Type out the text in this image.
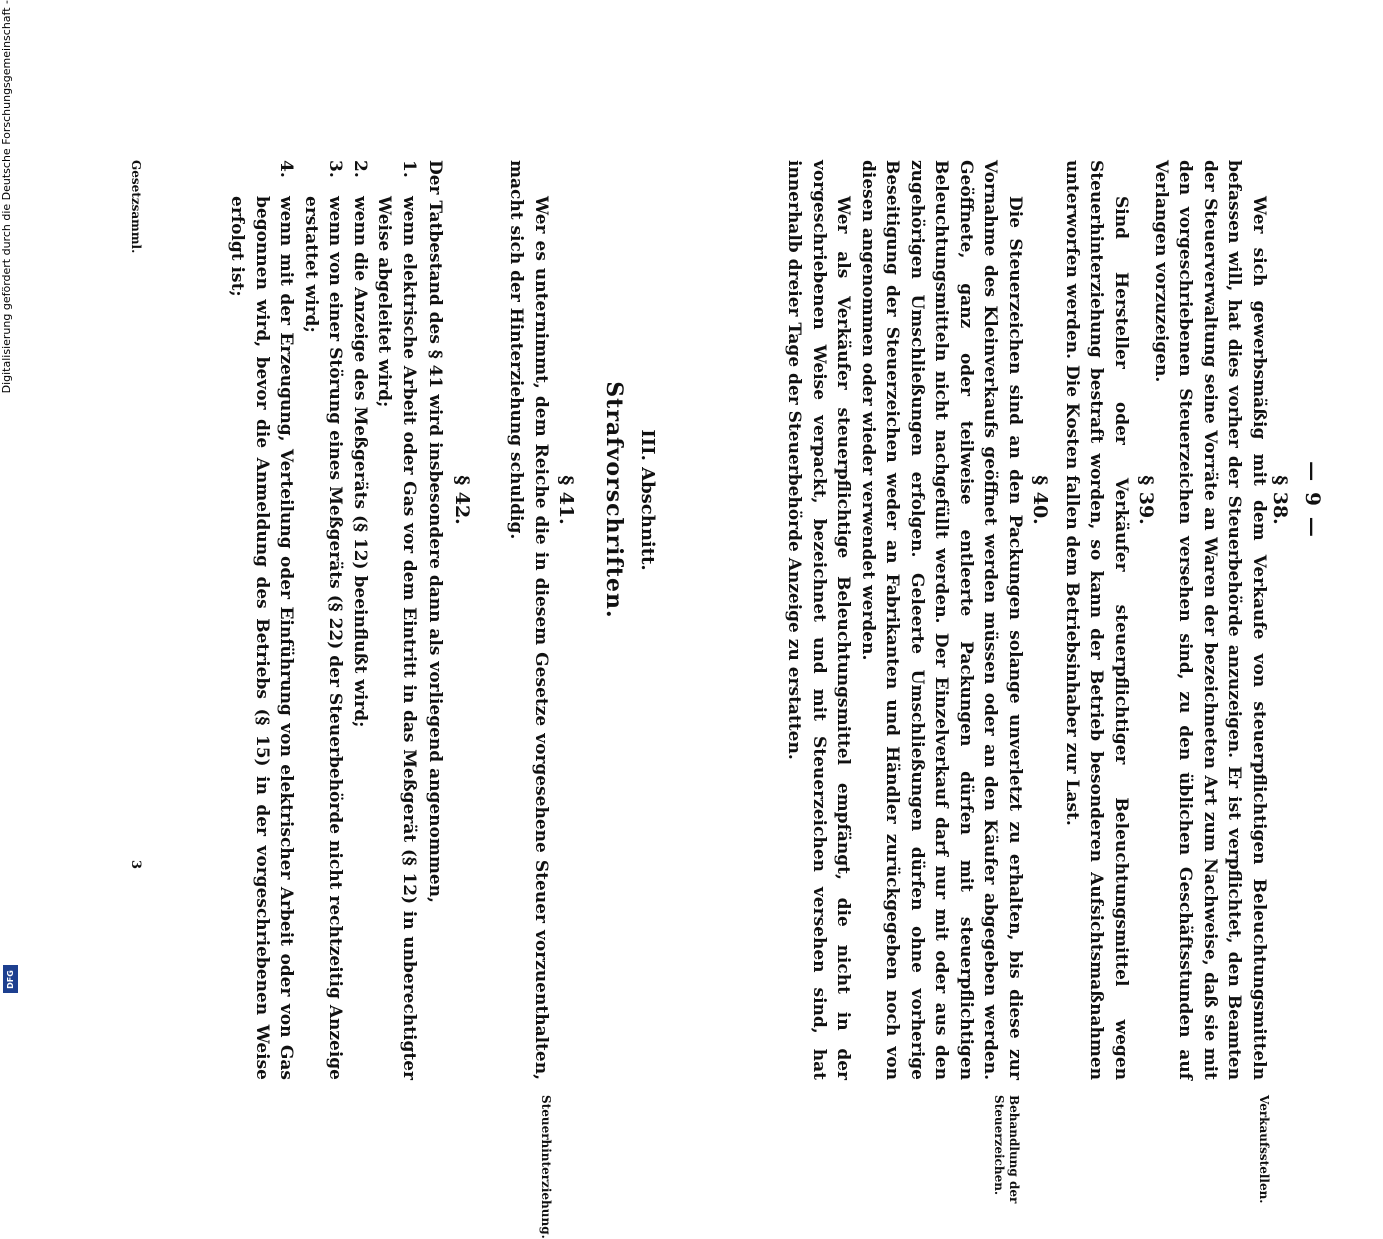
Digitalisierung gefördert durch die Deutsche Forschungsgemeinschaft -
DFG
— 9 —
§ 38.
Verkaufsstellen.

Wer sich gewerbsmäßig mit dem Verkaufe von steuerpflichtigen Beleuchtungsmitteln befassen will, hat dies vorher der Steuerbehörde anzuzeigen. Er ist verpflichtet, den Beamten der Steuerverwaltung seine Vorräte an Waren der bezeichneten Art zum Nachweise, daß sie mit den vorgeschriebenen Steuerzeichen versehen sind, zu den üblichen Geschäftsstunden auf Verlangen vorzuzeigen.

§ 39.

Sind Hersteller oder Verkäufer steuerpflichtiger Beleuchtungsmittel wegen Steuerhinterziehung bestraft worden, so kann der Betrieb besonderen Aufsichtsmaßnahmen unterworfen werden. Die Kosten fallen dem Betriebsinhaber zur Last.

§ 40.
Behandlung der Steuerzeichen.

Die Steuerzeichen sind an den Packungen solange unverletzt zu erhalten, bis diese zur Vornahme des Kleinverkaufs geöffnet werden müssen oder an den Käufer abgegeben werden. Geöffnete, ganz oder teilweise entleerte Packungen dürfen mit steuerpflichtigen Beleuchtungsmitteln nicht nachgefüllt werden. Der Einzelverkauf darf nur mit oder aus den zugehörigen Umschließungen erfolgen. Geleerte Umschließungen dürfen ohne vorherige Beseitigung der Steuerzeichen weder an Fabrikanten und Händler zurückgegeben noch von diesen angenommen oder wieder verwendet werden.

Wer als Verkäufer steuerpflichtige Beleuchtungsmittel empfängt, die nicht in der vorgeschriebenen Weise verpackt, bezeichnet und mit Steuerzeichen versehen sind, hat innerhalb dreier Tage der Steuerbehörde Anzeige zu erstatten.

III. Abschnitt.
Strafvorschriften.
§ 41.
Steuerhinterziehung.

Wer es unternimmt, dem Reiche die in diesem Gesetze vorgesehene Steuer vorzuenthalten, macht sich der Hinterziehung schuldig.

§ 42.

Der Tatbestand des § 41 wird insbesondere dann als vorliegend angenommen,

1.
wenn elektrische Arbeit oder Gas vor dem Eintritt in das Meßgerät (§ 12) in unberechtigter Weise abgeleitet wird;
2.
wenn die Anzeige des Meßgeräts (§ 12) beeinflußt wird;
3.
wenn von einer Störung eines Meßgeräts (§ 22) der Steuerbehörde nicht rechtzeitig Anzeige erstattet wird;
4.
wenn mit der Erzeugung, Verteilung oder Einführung von elektrischer Arbeit oder von Gas begonnen wird, bevor die Anmeldung des Betriebs (§ 15) in der vorgeschriebenen Weise erfolgt ist;
Gesetzsamml.
3
